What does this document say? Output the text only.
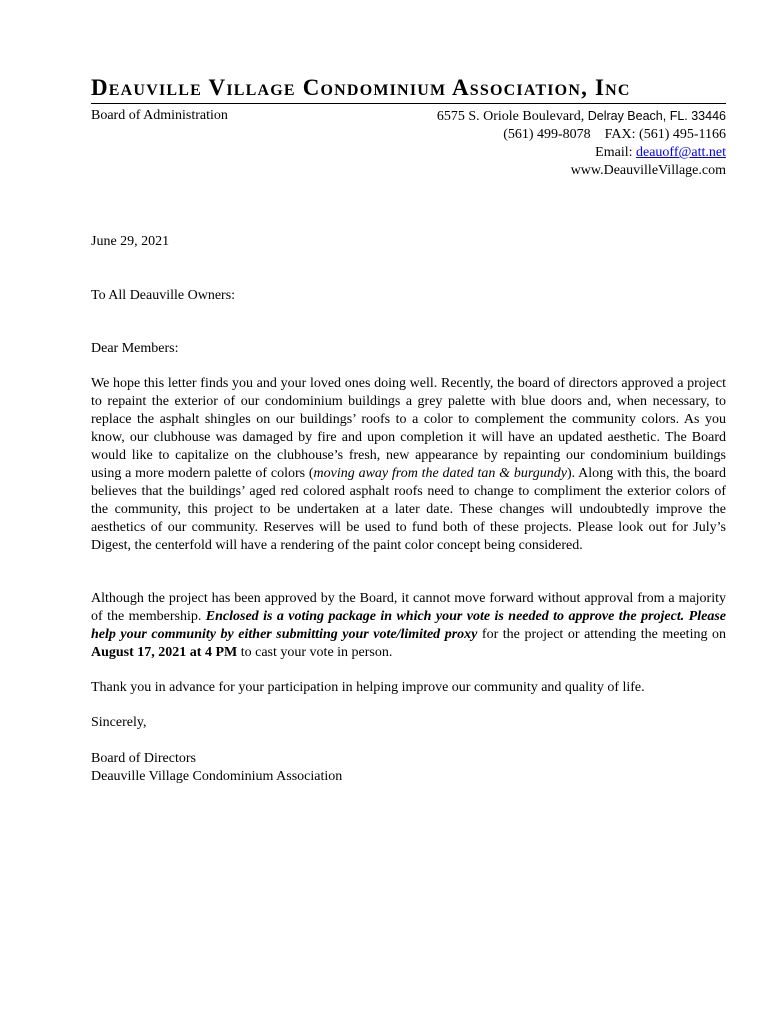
Deauville Village Condominium Association, Inc
Board of Administration	6575 S. Oriole Boulevard, Delray Beach, FL. 33446
(561) 499-8078    FAX: (561) 495-1166
Email: deauoff@att.net
www.DeauvilleVillage.com
June 29, 2021
To All Deauville Owners:
Dear Members:
We hope this letter finds you and your loved ones doing well. Recently, the board of directors approved a project to repaint the exterior of our condominium buildings a grey palette with blue doors and, when necessary, to replace the asphalt shingles on our buildings’ roofs to a color to complement the community colors. As you know, our clubhouse was damaged by fire and upon completion it will have an updated aesthetic. The Board would like to capitalize on the clubhouse’s fresh, new appearance by repainting our condominium buildings using a more modern palette of colors (moving away from the dated tan & burgundy). Along with this, the board believes that the buildings’ aged red colored asphalt roofs need to change to compliment the exterior colors of the community, this project to be undertaken at a later date. These changes will undoubtedly improve the aesthetics of our community. Reserves will be used to fund both of these projects. Please look out for July’s Digest, the centerfold will have a rendering of the paint color concept being considered.
Although the project has been approved by the Board, it cannot move forward without approval from a majority of the membership. Enclosed is a voting package in which your vote is needed to approve the project. Please help your community by either submitting your vote/limited proxy for the project or attending the meeting on August 17, 2021 at 4 PM to cast your vote in person.
Thank you in advance for your participation in helping improve our community and quality of life.
Sincerely,
Board of Directors
Deauville Village Condominium Association
